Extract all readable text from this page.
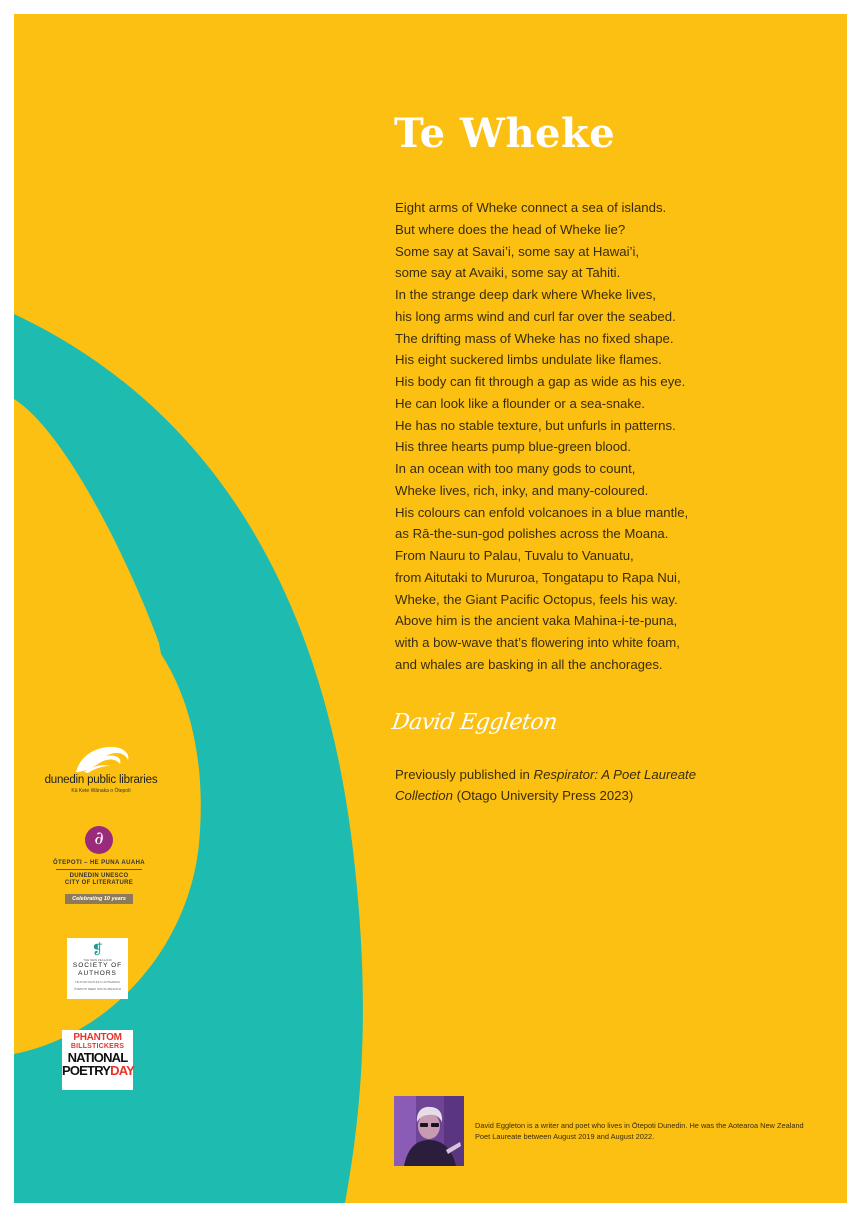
Te Wheke
Eight arms of Wheke connect a sea of islands.
But where does the head of Wheke lie?
Some say at Savai’i, some say at Hawai’i,
some say at Avaiki, some say at Tahiti.
In the strange deep dark where Wheke lives,
his long arms wind and curl far over the seabed.
The drifting mass of Wheke has no fixed shape.
His eight suckered limbs undulate like flames.
His body can fit through a gap as wide as his eye.
He can look like a flounder or a sea-snake.
He has no stable texture, but unfurls in patterns.
His three hearts pump blue-green blood.
In an ocean with too many gods to count,
Wheke lives, rich, inky, and many-coloured.
His colours can enfold volcanoes in a blue mantle,
as Rā-the-sun-god polishes across the Moana.
From Nauru to Palau, Tuvalu to Vanuatu,
from Aitutaki to Mururoa, Tongatapu to Rapa Nui,
Wheke, the Giant Pacific Octopus, feels his way.
Above him is the ancient vaka Mahina-i-te-puna,
with a bow-wave that’s flowering into white foam,
and whales are basking in all the anchorages.
David Eggleton

Previously published in Respirator: A Poet Laureate Collection (Otago University Press 2023)

dunedin public libraries
Kā Kete Wānaka o Ōtepoti
∂
ŌTEPOTI – HE PUNA AUAHA
DUNEDIN UNESCO
CITY OF LITERATURE
Celebrating 10 years
❡
THE NEW ZEALAND
SOCIETY OF
AUTHORS
TE PUNI KAITUHI O AOTEAROA
ŌTEPOTI DEEP SOUTH BRANCH
PHANTOM
BILLSTICKERS
NATIONAL
POETRYDAY

David Eggleton is a writer and poet who lives in Ōtepoti Dunedin. He was the Aotearoa New Zealand Poet Laureate between August 2019 and August 2022.
